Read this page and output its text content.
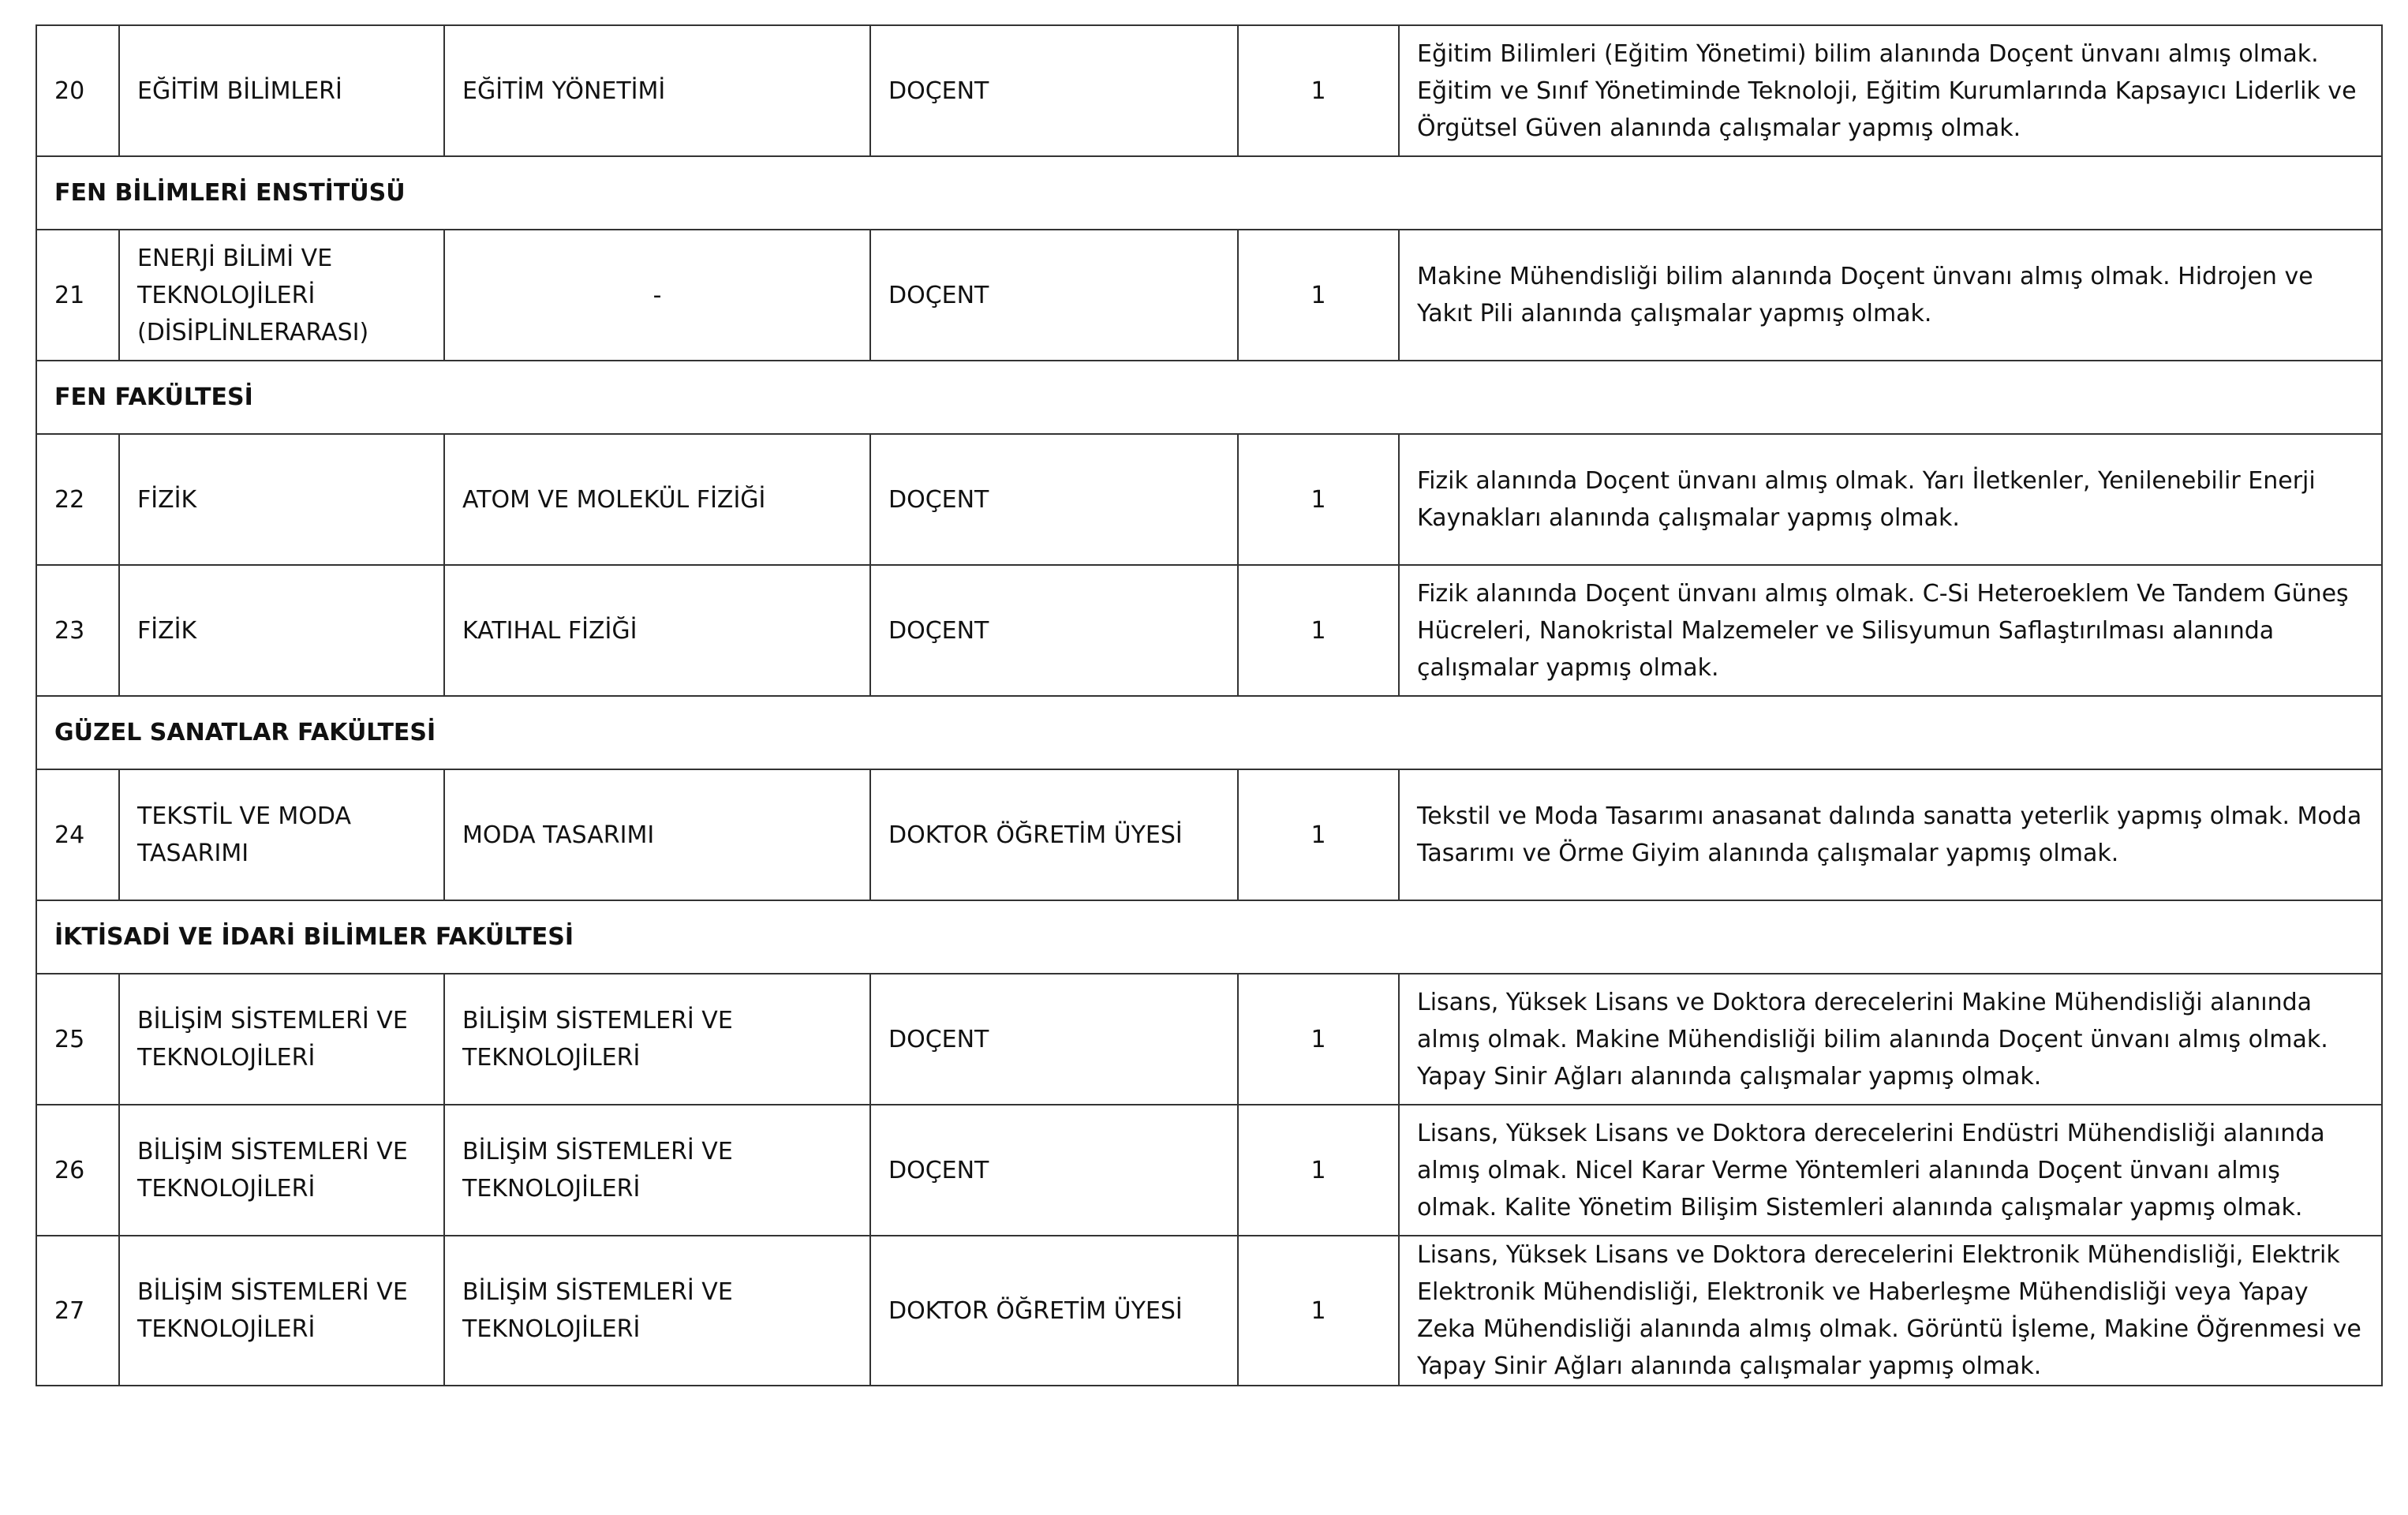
20	EĞİTİM BİLİMLERİ	EĞİTİM YÖNETİMİ	DOÇENT	1	Eğitim Bilimleri (Eğitim Yönetimi) bilim alanında Doçent ünvanı almış olmak. Eğitim ve Sınıf Yönetiminde Teknoloji, Eğitim Kurumlarında Kapsayıcı Liderlik ve Örgütsel Güven alanında çalışmalar yapmış olmak.
FEN BİLİMLERİ ENSTİTÜSÜ					
21	ENERJİ BİLİMİ VE TEKNOLOJİLERİ (DİSİPLİNLERARASI)	-	DOÇENT	1	Makine Mühendisliği bilim alanında Doçent ünvanı almış olmak. Hidrojen ve Yakıt Pili alanında çalışmalar yapmış olmak.
FEN FAKÜLTESİ					
22	FİZİK	ATOM VE MOLEKÜL FİZİĞİ	DOÇENT	1	Fizik alanında Doçent ünvanı almış olmak. Yarı İletkenler, Yenilenebilir Enerji Kaynakları alanında çalışmalar yapmış olmak.
23	FİZİK	KATIHAL FİZİĞİ	DOÇENT	1	Fizik alanında Doçent ünvanı almış olmak. C-Si Heteroeklem Ve Tandem Güneş Hücreleri, Nanokristal Malzemeler ve Silisyumun Saflaştırılması alanında çalışmalar yapmış olmak.
GÜZEL SANATLAR FAKÜLTESİ					
24	TEKSTİL VE MODA TASARIMI	MODA TASARIMI	DOKTOR ÖĞRETİM ÜYESİ	1	Tekstil ve Moda Tasarımı anasanat dalında sanatta yeterlik yapmış olmak. Moda Tasarımı ve Örme Giyim alanında çalışmalar yapmış olmak.
İKTİSADİ VE İDARİ BİLİMLER FAKÜLTESİ					
25	BİLİŞİM SİSTEMLERİ VE TEKNOLOJİLERİ	BİLİŞİM SİSTEMLERİ VE TEKNOLOJİLERİ	DOÇENT	1	Lisans, Yüksek Lisans ve Doktora derecelerini Makine Mühendisliği alanında almış olmak. Makine Mühendisliği bilim alanında Doçent ünvanı almış olmak. Yapay Sinir Ağları alanında çalışmalar yapmış olmak.
26	BİLİŞİM SİSTEMLERİ VE TEKNOLOJİLERİ	BİLİŞİM SİSTEMLERİ VE TEKNOLOJİLERİ	DOÇENT	1	Lisans, Yüksek Lisans ve Doktora derecelerini Endüstri Mühendisliği alanında almış olmak. Nicel Karar Verme Yöntemleri alanında Doçent ünvanı almış olmak. Kalite Yönetim Bilişim Sistemleri alanında çalışmalar yapmış olmak.
27	BİLİŞİM SİSTEMLERİ VE TEKNOLOJİLERİ	BİLİŞİM SİSTEMLERİ VE TEKNOLOJİLERİ	DOKTOR ÖĞRETİM ÜYESİ	1	Lisans, Yüksek Lisans ve Doktora derecelerini Elektronik Mühendisliği, Elektrik Elektronik Mühendisliği, Elektronik ve Haberleşme Mühendisliği veya Yapay Zeka Mühendisliği alanında almış olmak. Görüntü İşleme, Makine Öğrenmesi ve Yapay Sinir Ağları alanında çalışmalar yapmış olmak.
